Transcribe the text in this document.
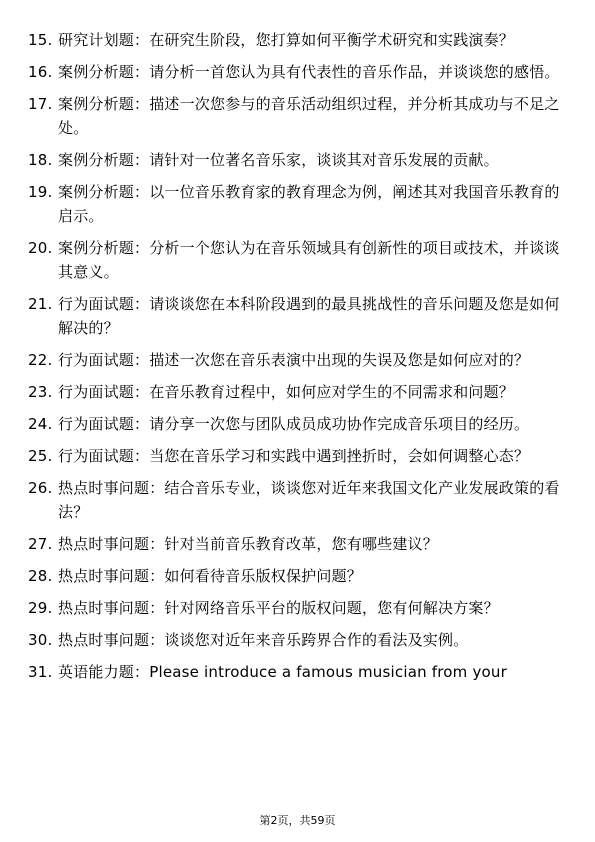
15. 研究计划题：在研究生阶段，您打算如何平衡学术研究和实践演奏？
16. 案例分析题：请分析一首您认为具有代表性的音乐作品，并谈谈您的感悟。
17. 案例分析题：描述一次您参与的音乐活动组织过程，并分析其成功与不足之处。
18. 案例分析题：请针对一位著名音乐家，谈谈其对音乐发展的贡献。
19. 案例分析题：以一位音乐教育家的教育理念为例，阐述其对我国音乐教育的启示。
20. 案例分析题：分析一个您认为在音乐领域具有创新性的项目或技术，并谈谈其意义。
21. 行为面试题：请谈谈您在本科阶段遇到的最具挑战性的音乐问题及您是如何解决的？
22. 行为面试题：描述一次您在音乐表演中出现的失误及您是如何应对的？
23. 行为面试题：在音乐教育过程中，如何应对学生的不同需求和问题？
24. 行为面试题：请分享一次您与团队成员成功协作完成音乐项目的经历。
25. 行为面试题：当您在音乐学习和实践中遇到挫折时，会如何调整心态？
26. 热点时事问题：结合音乐专业，谈谈您对近年来我国文化产业发展政策的看法？
27. 热点时事问题：针对当前音乐教育改革，您有哪些建议？
28. 热点时事问题：如何看待音乐版权保护问题？
29. 热点时事问题：针对网络音乐平台的版权问题，您有何解决方案？
30. 热点时事问题：谈谈您对近年来音乐跨界合作的看法及实例。
31. 英语能力题：Please introduce a famous musician from your
第2页，共59页
